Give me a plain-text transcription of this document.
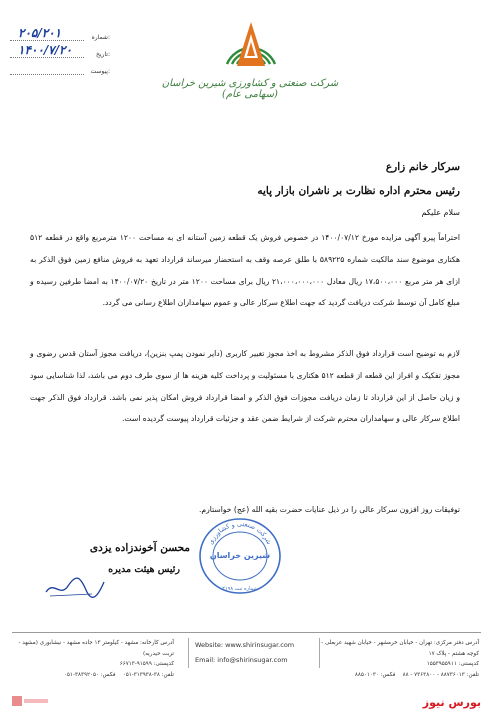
۲۰۵/۲۰۱	شماره:
۱۴۰۰/۷/۲۰	تاریخ:
پیوست:
شرکت صنعتی و کشاورزی شیرین خراسان (سهامی عام)
سرکار خانم زارع
رئیس محترم اداره نظارت بر ناشران بازار پایه
سلام علیکم
احتراماً پیرو آگهی مزایده مورخ ۱۴۰۰/۰۷/۱۲ در خصوص فروش یک قطعه زمین آستانه ای به مساحت ۱۲۰۰ مترمربع واقع در قطعه ۵۱۲ هکتاری موضوع سند مالکیت شماره ۵۸۹۲۲۵ با طلق عرصه وقف به استحضار میرساند قرارداد تعهد به فروش منافع زمین فوق الذکر به ازای هر متر مربع ۱۷،۵۰۰،۰۰۰ ریال معادل ۲۱،۰۰۰،۰۰۰،۰۰۰ ریال برای مساحت ۱۲۰۰ متر در تاریخ ۱۴۰۰/۰۷/۲۰ به امضا طرفین رسیده و مبلغ کامل آن توسط شرکت دریافت گردید که جهت اطلاع سرکار عالی و عموم سهامداران اطلاع رسانی می گردد.
لازم به توضیح است قرارداد فوق الذکر مشروط به اخذ مجوز تغییر کاربری (دایر نمودن پمپ بنزین)، دریافت مجوز آستان قدس رضوی و مجوز تفکیک و افراز این قطعه از قطعه ۵۱۲ هکتاری با مسئولیت و پرداخت کلیه هزینه ها از سوی طرف دوم می باشد، لذا شناسایی سود و زیان حاصل از این قرارداد تا زمان دریافت مجوزات فوق الذکر و امضا قرارداد فروش امکان پذیر نمی باشد. قرارداد فوق الذکر جهت اطلاع سرکار عالی و سهامداران محترم شرکت از شرایط ضمن عقد و جزئیات قرارداد پیوست گردیده است.
توفیقات روز افزون سرکار عالی را در ذیل عنایات حضرت بقیه الله (عج) خواستارم.
شرکت صنعتی و کشاورزی
شیرین خراسان
شماره ثبت ۲۱۹۸
محسن آخوندزاده یزدی
رئیس هیئت مدیره
آدرس دفتر مرکزی: تهران - خیابان خرمشهر - خیابان شهید عربعلی - کوچه هشتم - پلاک ۱۷
کدپستی: ۱۵۵۳۹۵۵۹۱۱
تلفن: ۸۸۷۳۶۰۱۳ - ۷۳۶۳۸۰۰ - ۸۸    فکس: ۸۸۵۰۱۰۳۰
Website: www.shirinsugar.com
Email: info@shirinsugar.com
آدرس کارخانه: مشهد - کیلومتر ۱۳ جاده مشهد - نیشابوری (مشهد - تربت حیدریه)
کدپستی: ۹۱۵۹۹-۶۶۷۱۳
تلفن: ۳۸-۳۱۳۹۳۸-۰۵۱    فکس: ۳۸۳۹۲۰۵۰-۰۵۱
بورس نیوز
